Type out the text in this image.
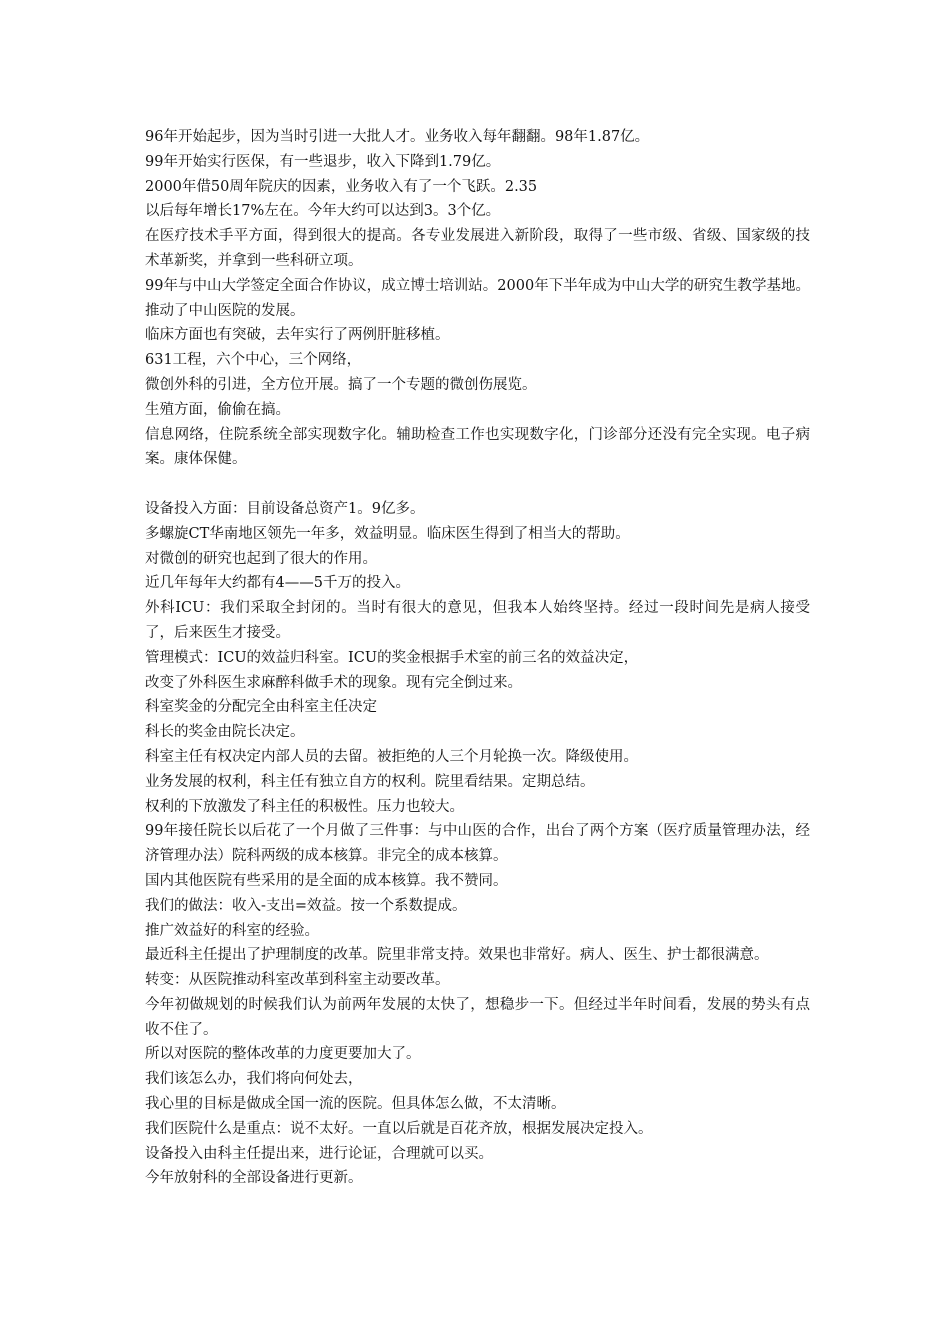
96年开始起步，因为当时引进一大批人才。业务收入每年翻翻。98年1.87亿。

99年开始实行医保，有一些退步，收入下降到1.79亿。

2000年借50周年院庆的因素，业务收入有了一个飞跃。2.35

以后每年增长17%左在。今年大约可以达到3。3个亿。

在医疗技术手平方面，得到很大的提高。各专业发展进入新阶段，取得了一些市级、省级、国家级的技术革新奖，并拿到一些科研立项。

99年与中山大学签定全面合作协议，成立博士培训站。2000年下半年成为中山大学的研究生教学基地。推动了中山医院的发展。

临床方面也有突破，去年实行了两例肝脏移植。

631工程，六个中心，三个网络，

微创外科的引进，全方位开展。搞了一个专题的微创伤展览。

生殖方面，偷偷在搞。

信息网络，住院系统全部实现数字化。辅助检查工作也实现数字化，门诊部分还没有完全实现。电子病案。康体保健。

设备投入方面：目前设备总资产1。9亿多。

多螺旋CT华南地区领先一年多，效益明显。临床医生得到了相当大的帮助。

对微创的研究也起到了很大的作用。

近几年每年大约都有4——5千万的投入。

外科ICU：我们采取全封闭的。当时有很大的意见，但我本人始终坚持。经过一段时间先是病人接受了，后来医生才接受。

管理模式：ICU的效益归科室。ICU的奖金根据手术室的前三名的效益决定，

改变了外科医生求麻醉科做手术的现象。现有完全倒过来。

科室奖金的分配完全由科室主任决定

科长的奖金由院长决定。

科室主任有权决定内部人员的去留。被拒绝的人三个月轮换一次。降级使用。

业务发展的权利，科主任有独立自方的权利。院里看结果。定期总结。

权利的下放激发了科主任的积极性。压力也较大。

99年接任院长以后花了一个月做了三件事：与中山医的合作，出台了两个方案（医疗质量管理办法，经济管理办法）院科两级的成本核算。非完全的成本核算。

国内其他医院有些采用的是全面的成本核算。我不赞同。

我们的做法：收入-支出=效益。按一个系数提成。

推广效益好的科室的经验。

最近科主任提出了护理制度的改革。院里非常支持。效果也非常好。病人、医生、护士都很满意。

转变：从医院推动科室改革到科室主动要改革。

今年初做规划的时候我们认为前两年发展的太快了，想稳步一下。但经过半年时间看，发展的势头有点收不住了。

所以对医院的整体改革的力度更要加大了。

我们该怎么办，我们将向何处去，

我心里的目标是做成全国一流的医院。但具体怎么做，不太清晰。

我们医院什么是重点：说不太好。一直以后就是百花齐放，根据发展决定投入。

设备投入由科主任提出来，进行论证，合理就可以买。

今年放射科的全部设备进行更新。
